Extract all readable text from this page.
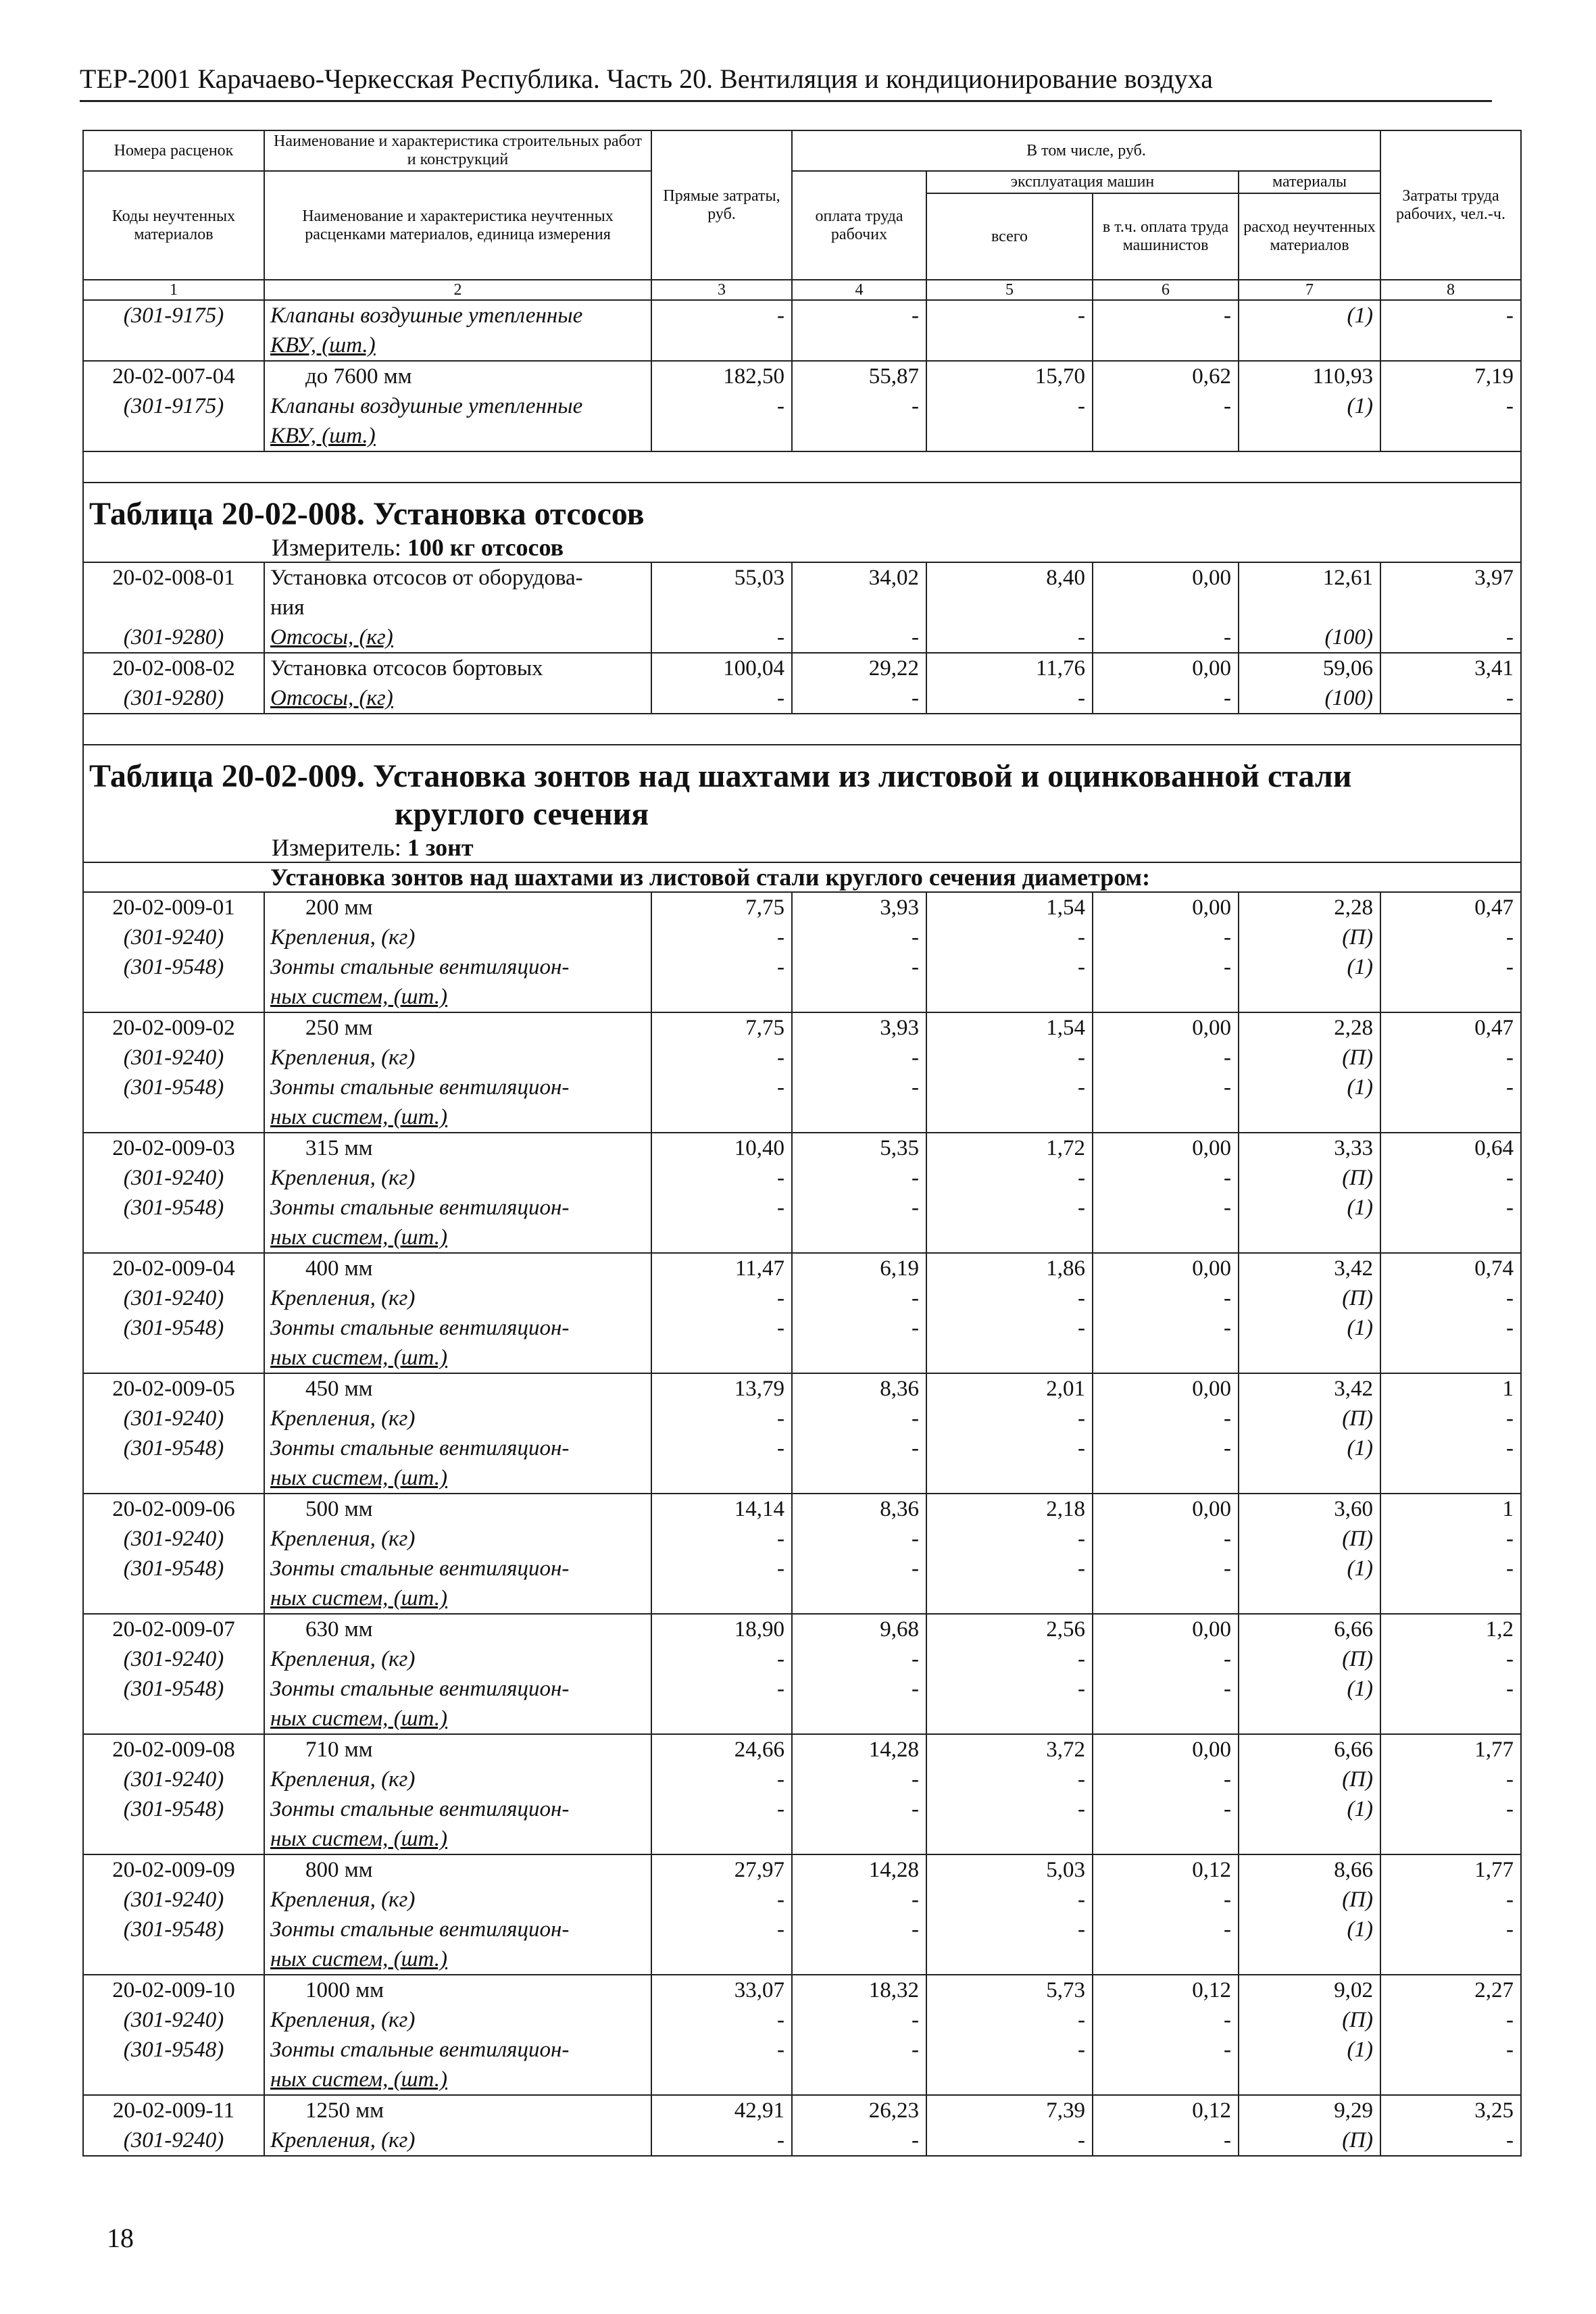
ТЕР-2001 Карачаево-Черкесская Республика. Часть 20. Вентиляция и кондиционирование воздуха
Номера расценок	Наименование и характеристика строительных работ и конструкций	Прямые затраты, руб.	В том числе, руб.				Затраты труда рабочих, чел.-ч.
Коды неучтенных материалов	Наименование и характеристика неучтенных расценками материалов, единица измерения		оплата труда рабочих	эксплуатация машин		материалы	
				всего	в т.ч. оплата труда машинистов	расход неучтенных материалов	
1	2	3	4	5	6	7	8
(301-9175)	Клапаны воздушные утепленные	-	-	-	-	(1)	-
	КВУ, (шт.)						
20-02-007-04	до 7600 мм	182,50	55,87	15,70	0,62	110,93	7,19
(301-9175)	Клапаны воздушные утепленные	-	-	-	-	(1)	-
	КВУ, (шт.)						

Таблица 20-02-008. Установка отсосов							
Измеритель: 100 кг отсосов							
20-02-008-01	Установка отсосов от оборудова-	55,03	34,02	8,40	0,00	12,61	3,97
	ния						
(301-9280)	Отсосы, (кг)	-	-	-	-	(100)	-
20-02-008-02	Установка отсосов бортовых	100,04	29,22	11,76	0,00	59,06	3,41
(301-9280)	Отсосы, (кг)	-	-	-	-	(100)	-

Таблица 20-02-009. Установка зонтов над шахтами из листовой и оцинкованной стали							
круглого сечения							
Измеритель: 1 зонт							
Установка зонтов над шахтами из листовой стали круглого сечения диаметром:							
20-02-009-01	200 мм	7,75	3,93	1,54	0,00	2,28	0,47
(301-9240)	Крепления, (кг)	-	-	-	-	(П)	-
(301-9548)	Зонты стальные вентиляцион-	-	-	-	-	(1)	-
	ных систем, (шт.)						
20-02-009-02	250 мм	7,75	3,93	1,54	0,00	2,28	0,47
(301-9240)	Крепления, (кг)	-	-	-	-	(П)	-
(301-9548)	Зонты стальные вентиляцион-	-	-	-	-	(1)	-
	ных систем, (шт.)						
20-02-009-03	315 мм	10,40	5,35	1,72	0,00	3,33	0,64
(301-9240)	Крепления, (кг)	-	-	-	-	(П)	-
(301-9548)	Зонты стальные вентиляцион-	-	-	-	-	(1)	-
	ных систем, (шт.)						
20-02-009-04	400 мм	11,47	6,19	1,86	0,00	3,42	0,74
(301-9240)	Крепления, (кг)	-	-	-	-	(П)	-
(301-9548)	Зонты стальные вентиляцион-	-	-	-	-	(1)	-
	ных систем, (шт.)						
20-02-009-05	450 мм	13,79	8,36	2,01	0,00	3,42	1
(301-9240)	Крепления, (кг)	-	-	-	-	(П)	-
(301-9548)	Зонты стальные вентиляцион-	-	-	-	-	(1)	-
	ных систем, (шт.)						
20-02-009-06	500 мм	14,14	8,36	2,18	0,00	3,60	1
(301-9240)	Крепления, (кг)	-	-	-	-	(П)	-
(301-9548)	Зонты стальные вентиляцион-	-	-	-	-	(1)	-
	ных систем, (шт.)						
20-02-009-07	630 мм	18,90	9,68	2,56	0,00	6,66	1,2
(301-9240)	Крепления, (кг)	-	-	-	-	(П)	-
(301-9548)	Зонты стальные вентиляцион-	-	-	-	-	(1)	-
	ных систем, (шт.)						
20-02-009-08	710 мм	24,66	14,28	3,72	0,00	6,66	1,77
(301-9240)	Крепления, (кг)	-	-	-	-	(П)	-
(301-9548)	Зонты стальные вентиляцион-	-	-	-	-	(1)	-
	ных систем, (шт.)						
20-02-009-09	800 мм	27,97	14,28	5,03	0,12	8,66	1,77
(301-9240)	Крепления, (кг)	-	-	-	-	(П)	-
(301-9548)	Зонты стальные вентиляцион-	-	-	-	-	(1)	-
	ных систем, (шт.)						
20-02-009-10	1000 мм	33,07	18,32	5,73	0,12	9,02	2,27
(301-9240)	Крепления, (кг)	-	-	-	-	(П)	-
(301-9548)	Зонты стальные вентиляцион-	-	-	-	-	(1)	-
	ных систем, (шт.)						
20-02-009-11	1250 мм	42,91	26,23	7,39	0,12	9,29	3,25
(301-9240)	Крепления, (кг)	-	-	-	-	(П)	-
18
